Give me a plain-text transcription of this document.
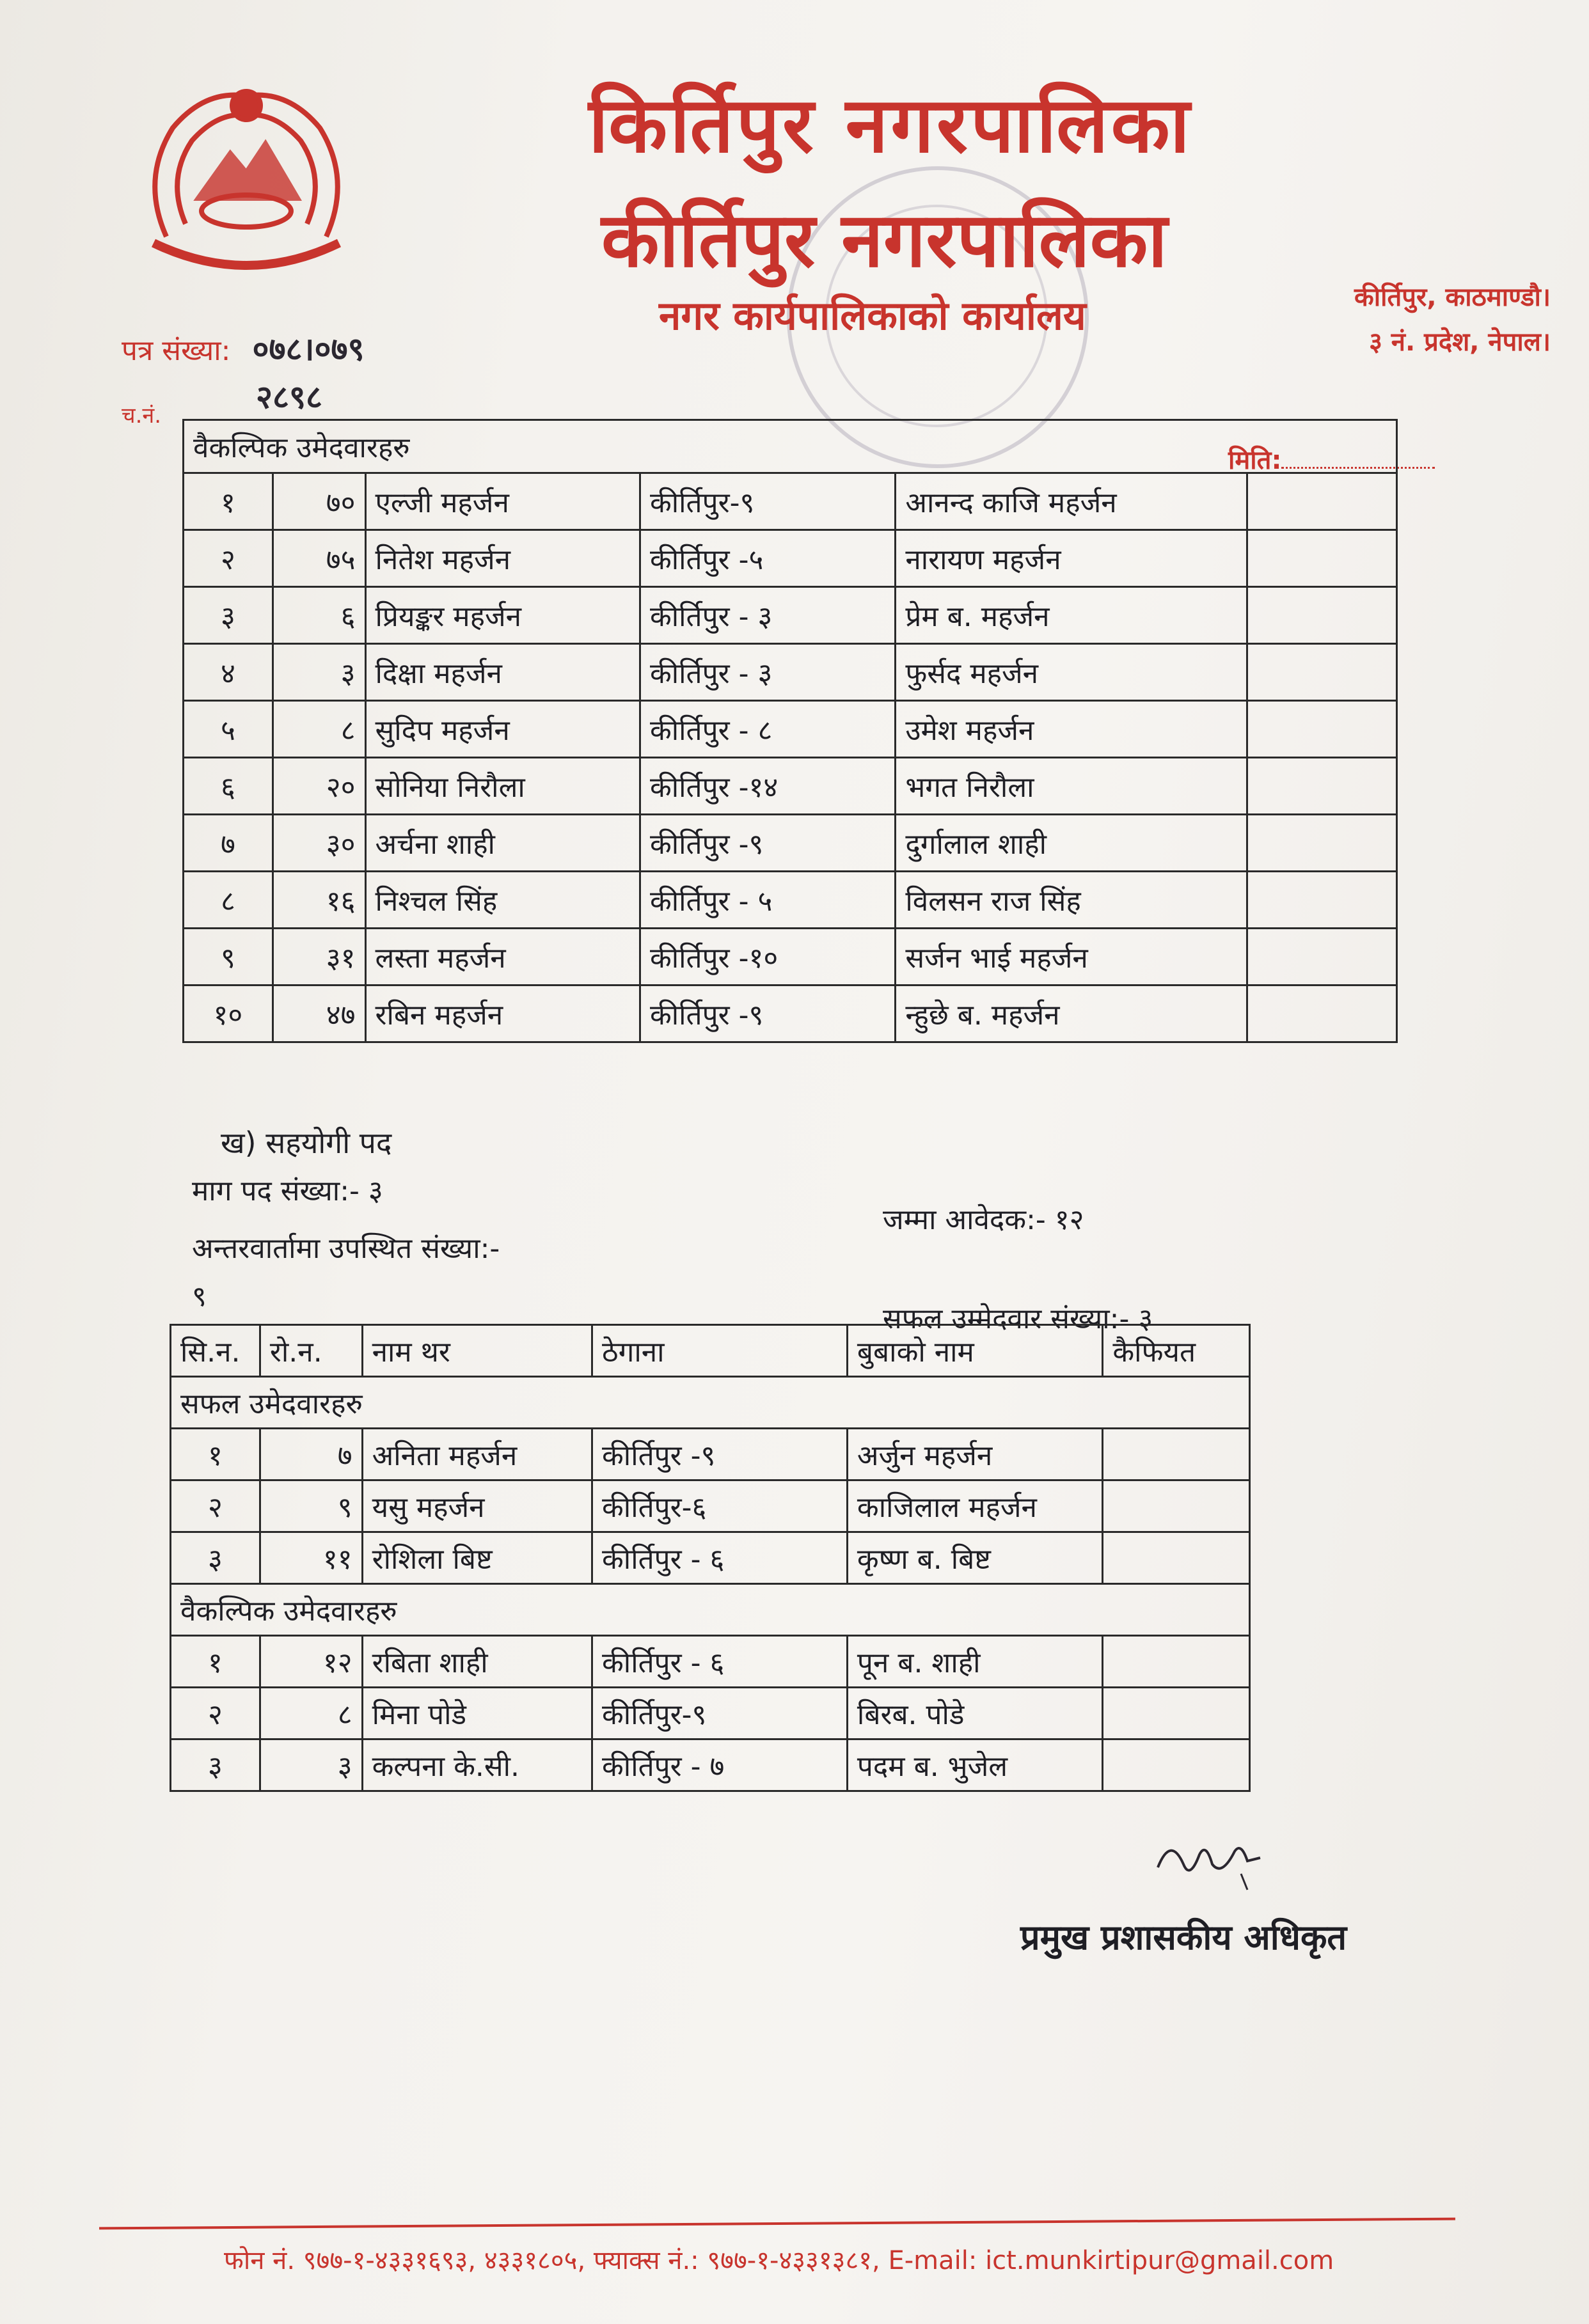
किर्तिपुर नगरपालिका
कीर्तिपुर नगरपालिका
नगर कार्यपालिकाको कार्यालय	कीर्तिपुर, काठमाण्डौ।
३ नं. प्रदेश, नेपाल।
पत्र संख्या: ०७८।०७९
२८९८
च.नं.
मिति:
वैकल्पिक उमेदवारहरु					
१	७०	एल्जी महर्जन	कीर्तिपुर-९	आनन्द काजि महर्जन	
२	७५	नितेश महर्जन	कीर्तिपुर -५	नारायण महर्जन	
३	६	प्रियङ्कर महर्जन	कीर्तिपुर - ३	प्रेम ब. महर्जन	
४	३	दिक्षा महर्जन	कीर्तिपुर - ३	फुर्सद महर्जन	
५	८	सुदिप महर्जन	कीर्तिपुर - ८	उमेश महर्जन	
६	२०	सोनिया निरौला	कीर्तिपुर -१४	भगत निरौला	
७	३०	अर्चना शाही	कीर्तिपुर -९	दुर्गालाल शाही	
८	१६	निश्चल सिंह	कीर्तिपुर - ५	विलसन राज सिंह	
९	३१	लस्ता महर्जन	कीर्तिपुर -१०	सर्जन भाई महर्जन	
१०	४७	रबिन महर्जन	कीर्तिपुर -९	न्हुछे ब. महर्जन	
ख) सहयोगी पद
माग पद संख्या:- ३
जम्मा आवेदक:- १२
अन्तरवार्तामा उपस्थित संख्या:-
९
सफल उम्मेदवार संख्या:- ३
सि.न.	रो.न.	नाम थर	ठेगाना	बुबाको नाम	कैफियत
सफल उमेदवारहरु					
१	७	अनिता महर्जन	कीर्तिपुर -९	अर्जुन महर्जन	
२	९	यसु महर्जन	कीर्तिपुर-६	काजिलाल महर्जन	
३	११	रोशिला बिष्ट	कीर्तिपुर - ६	कृष्ण ब. बिष्ट	
वैकल्पिक उमेदवारहरु					
१	१२	रबिता शाही	कीर्तिपुर - ६	पून ब. शाही	
२	८	मिना पोडे	कीर्तिपुर-९	बिरब. पोडे	
३	३	कल्पना के.सी.	कीर्तिपुर - ७	पदम ब. भुजेल	
प्रमुख प्रशासकीय अधिकृत
फोन नं. ९७७-१-४३३१६९३, ४३३१८०५, फ्याक्स नं.: ९७७-१-४३३१३८१, E-mail: ict.munkirtipur@gmail.com
